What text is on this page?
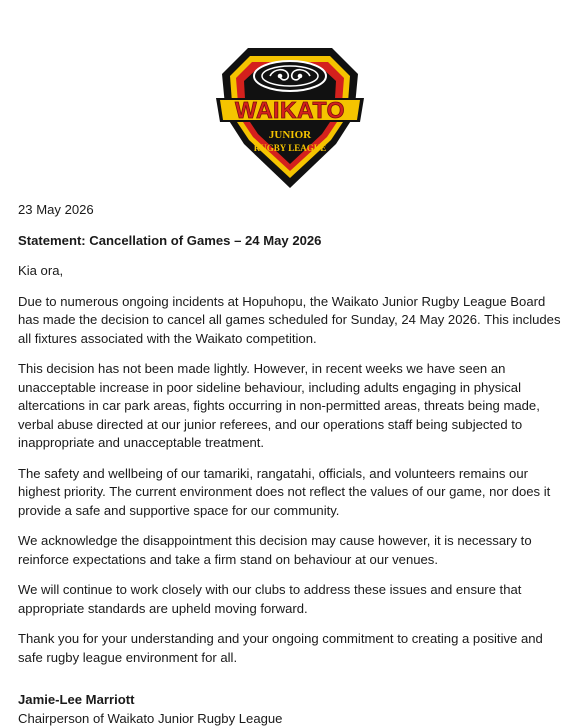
WAIKATO
JUNIOR
RUGBY LEAGUE

23 May 2026

Statement: Cancellation of Games – 24 May 2026

Kia ora,

Due to numerous ongoing incidents at Hopuhopu, the Waikato Junior Rugby League Board has made the decision to cancel all games scheduled for Sunday, 24 May 2026. This includes all fixtures associated with the Waikato competition.

This decision has not been made lightly. However, in recent weeks we have seen an unacceptable increase in poor sideline behaviour, including adults engaging in physical altercations in car park areas, fights occurring in non-permitted areas, threats being made, verbal abuse directed at our junior referees, and our operations staff being subjected to inappropriate and unacceptable treatment.

The safety and wellbeing of our tamariki, rangatahi, officials, and volunteers remains our highest priority. The current environment does not reflect the values of our game, nor does it provide a safe and supportive space for our community.

We acknowledge the disappointment this decision may cause however, it is necessary to reinforce expectations and take a firm stand on behaviour at our venues.

We will continue to work closely with our clubs to address these issues and ensure that appropriate standards are upheld moving forward.

Thank you for your understanding and your ongoing commitment to creating a positive and safe rugby league environment for all.

Jamie-Lee Marriott

Chairperson of Waikato Junior Rugby League
